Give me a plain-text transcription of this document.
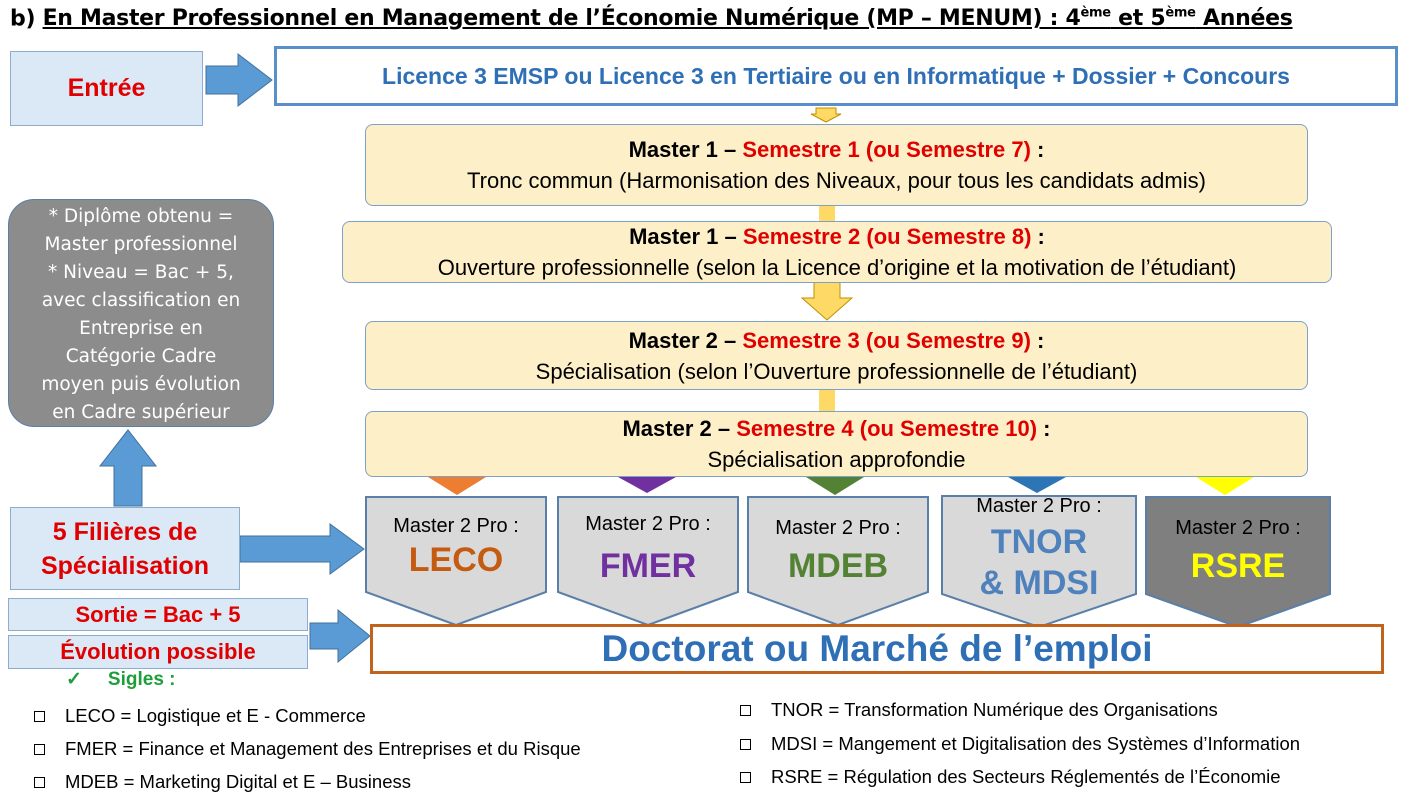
b) En Master Professionnel en Management de l’Économie Numérique (MP – MENUM) : 4ème et 5ème Années
Entrée	Licence 3 EMSP ou Licence 3 en Tertiaire ou en Informatique + Dossier + Concours
Master 1 – Semestre 1 (ou Semestre 7) :
Tronc commun (Harmonisation des Niveaux, pour tous les candidats admis)
Master 1 – Semestre 2 (ou Semestre 8) :
Ouverture professionnelle (selon la Licence d’origine et la motivation de l’étudiant)
Master 2 – Semestre 3 (ou Semestre 9) :
Spécialisation (selon l’Ouverture professionnelle de l’étudiant)
Master 2 – Semestre 4 (ou Semestre 10) :
Spécialisation approfondie
* Diplôme obtenu =
Master professionnel
* Niveau = Bac + 5,
avec classification en
Entreprise en
Catégorie Cadre
moyen puis évolution
en Cadre supérieur
5 Filières de
Spécialisation
Sortie = Bac + 5
Évolution possible
Master 2 Pro :
LECO
Master 2 Pro :
FMER
Master 2 Pro :
MDEB
Master 2 Pro :
TNOR
& MDSI
Master 2 Pro :
RSRE
Doctorat ou Marché de l’emploi
✓ Sigles :
LECO = Logistique et E - Commerce
FMER = Finance et Management des Entreprises et du Risque
MDEB = Marketing Digital et E – Business
TNOR = Transformation Numérique des Organisations
MDSI = Mangement et Digitalisation des Systèmes d’Information
RSRE = Régulation des Secteurs Réglementés de l’Économie
